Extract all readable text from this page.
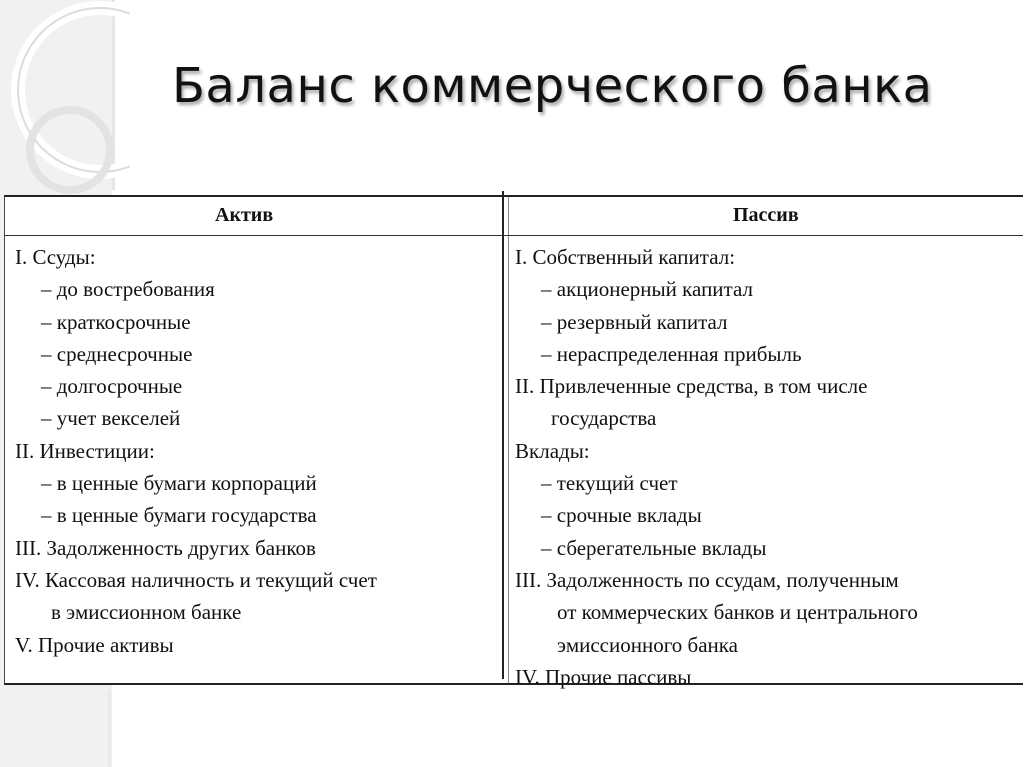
Баланс коммерческого банка
Актив	Пассив
I. Ссуды:
– до востребования
– краткосрочные
– среднесрочные
– долгосрочные
– учет векселей
II. Инвестиции:
– в ценные бумаги корпораций
– в ценные бумаги государства
III. Задолженность других банков
IV. Кассовая наличность и текущий счет
в эмиссионном банке
V. Прочие активы
I. Собственный капитал:
– акционерный капитал
– резервный капитал
– нераспределенная прибыль
II. Привлеченные средства, в том числе
государства
Вклады:
– текущий счет
– срочные вклады
– сберегательные вклады
III. Задолженность по ссудам, полученным
от коммерческих банков и центрального
эмиссионного банка
IV. Прочие пассивы
